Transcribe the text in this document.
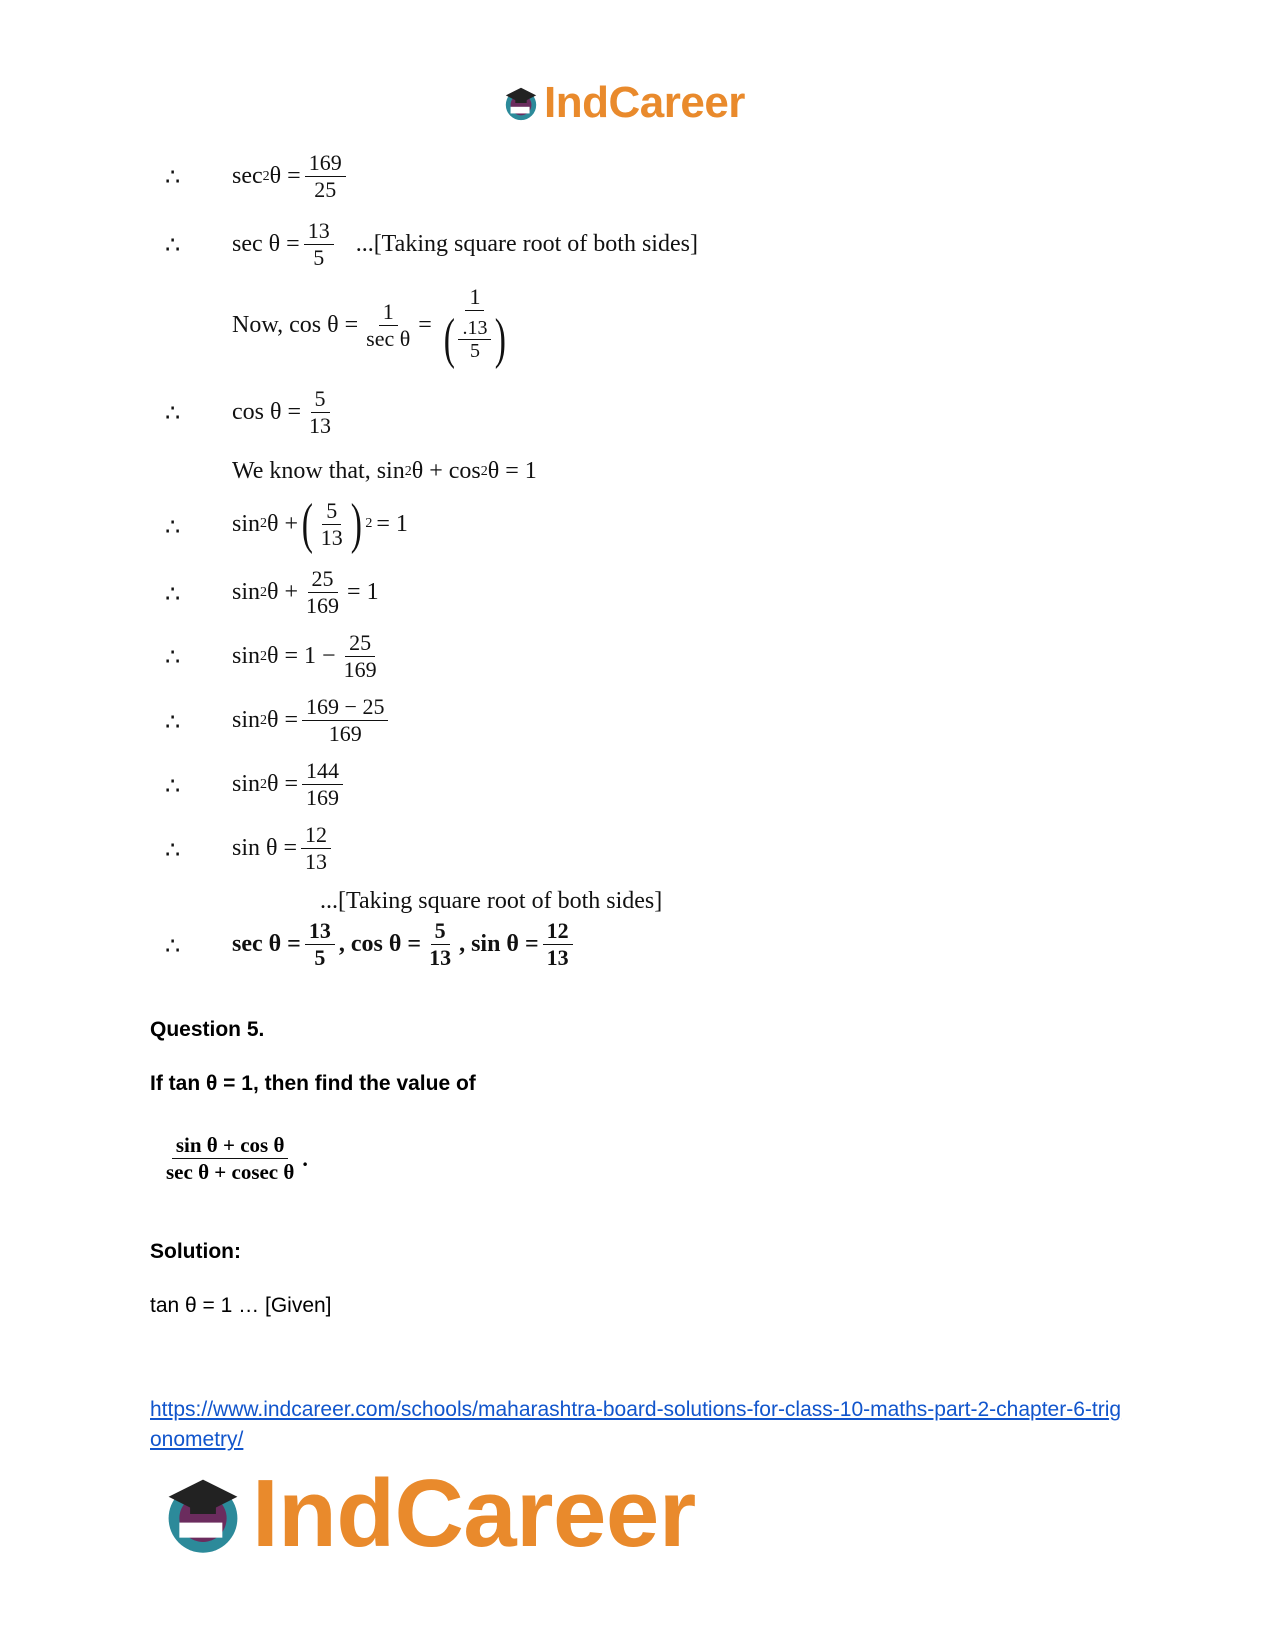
IndCareer
∴ sec 2 $\theta = \frac{169}{25}$
∴ $\sec \theta = \frac{13}{5}$ ...[Taking square root of both sides]
Now, $\cos \theta = \frac{1}{\text{sec θ}} = \frac{1}{( \frac{.13}{5} )}$
∴ $\cos \theta = \frac{5}{13}$
We know that, sin 2 θ + cos 2 θ = 1
∴ sin 2 θ + ( $\frac{5}{13}$ ) 2 = 1
∴ sin 2 $\theta + \frac{25}{169} = 1$
∴ sin 2 $\theta = 1 - \frac{25}{169}$
∴ sin 2 $\theta = \frac{169 - 25}{169}$
∴ sin 2 $\theta = \frac{144}{169}$
∴ $\sin \theta = \frac{12}{13}$
...[Taking square root of both sides]
∴ $\sec \theta = \frac{13}{5}$ , $\cos \theta = \frac{5}{13}$ , $\sin \theta = \frac{12}{13}$
Question 5.
If tan θ = 1, then find the value of
$\frac{\text{sin θ + cos θ}}{\text{sec θ + cosec θ}}$ .
Solution:
tan θ = 1 … [Given]
https://www.indcareer.com/schools/maharashtra-board-solutions-for-class-10-maths-part-2-chapter-6-trigonometry/
IndCareer
